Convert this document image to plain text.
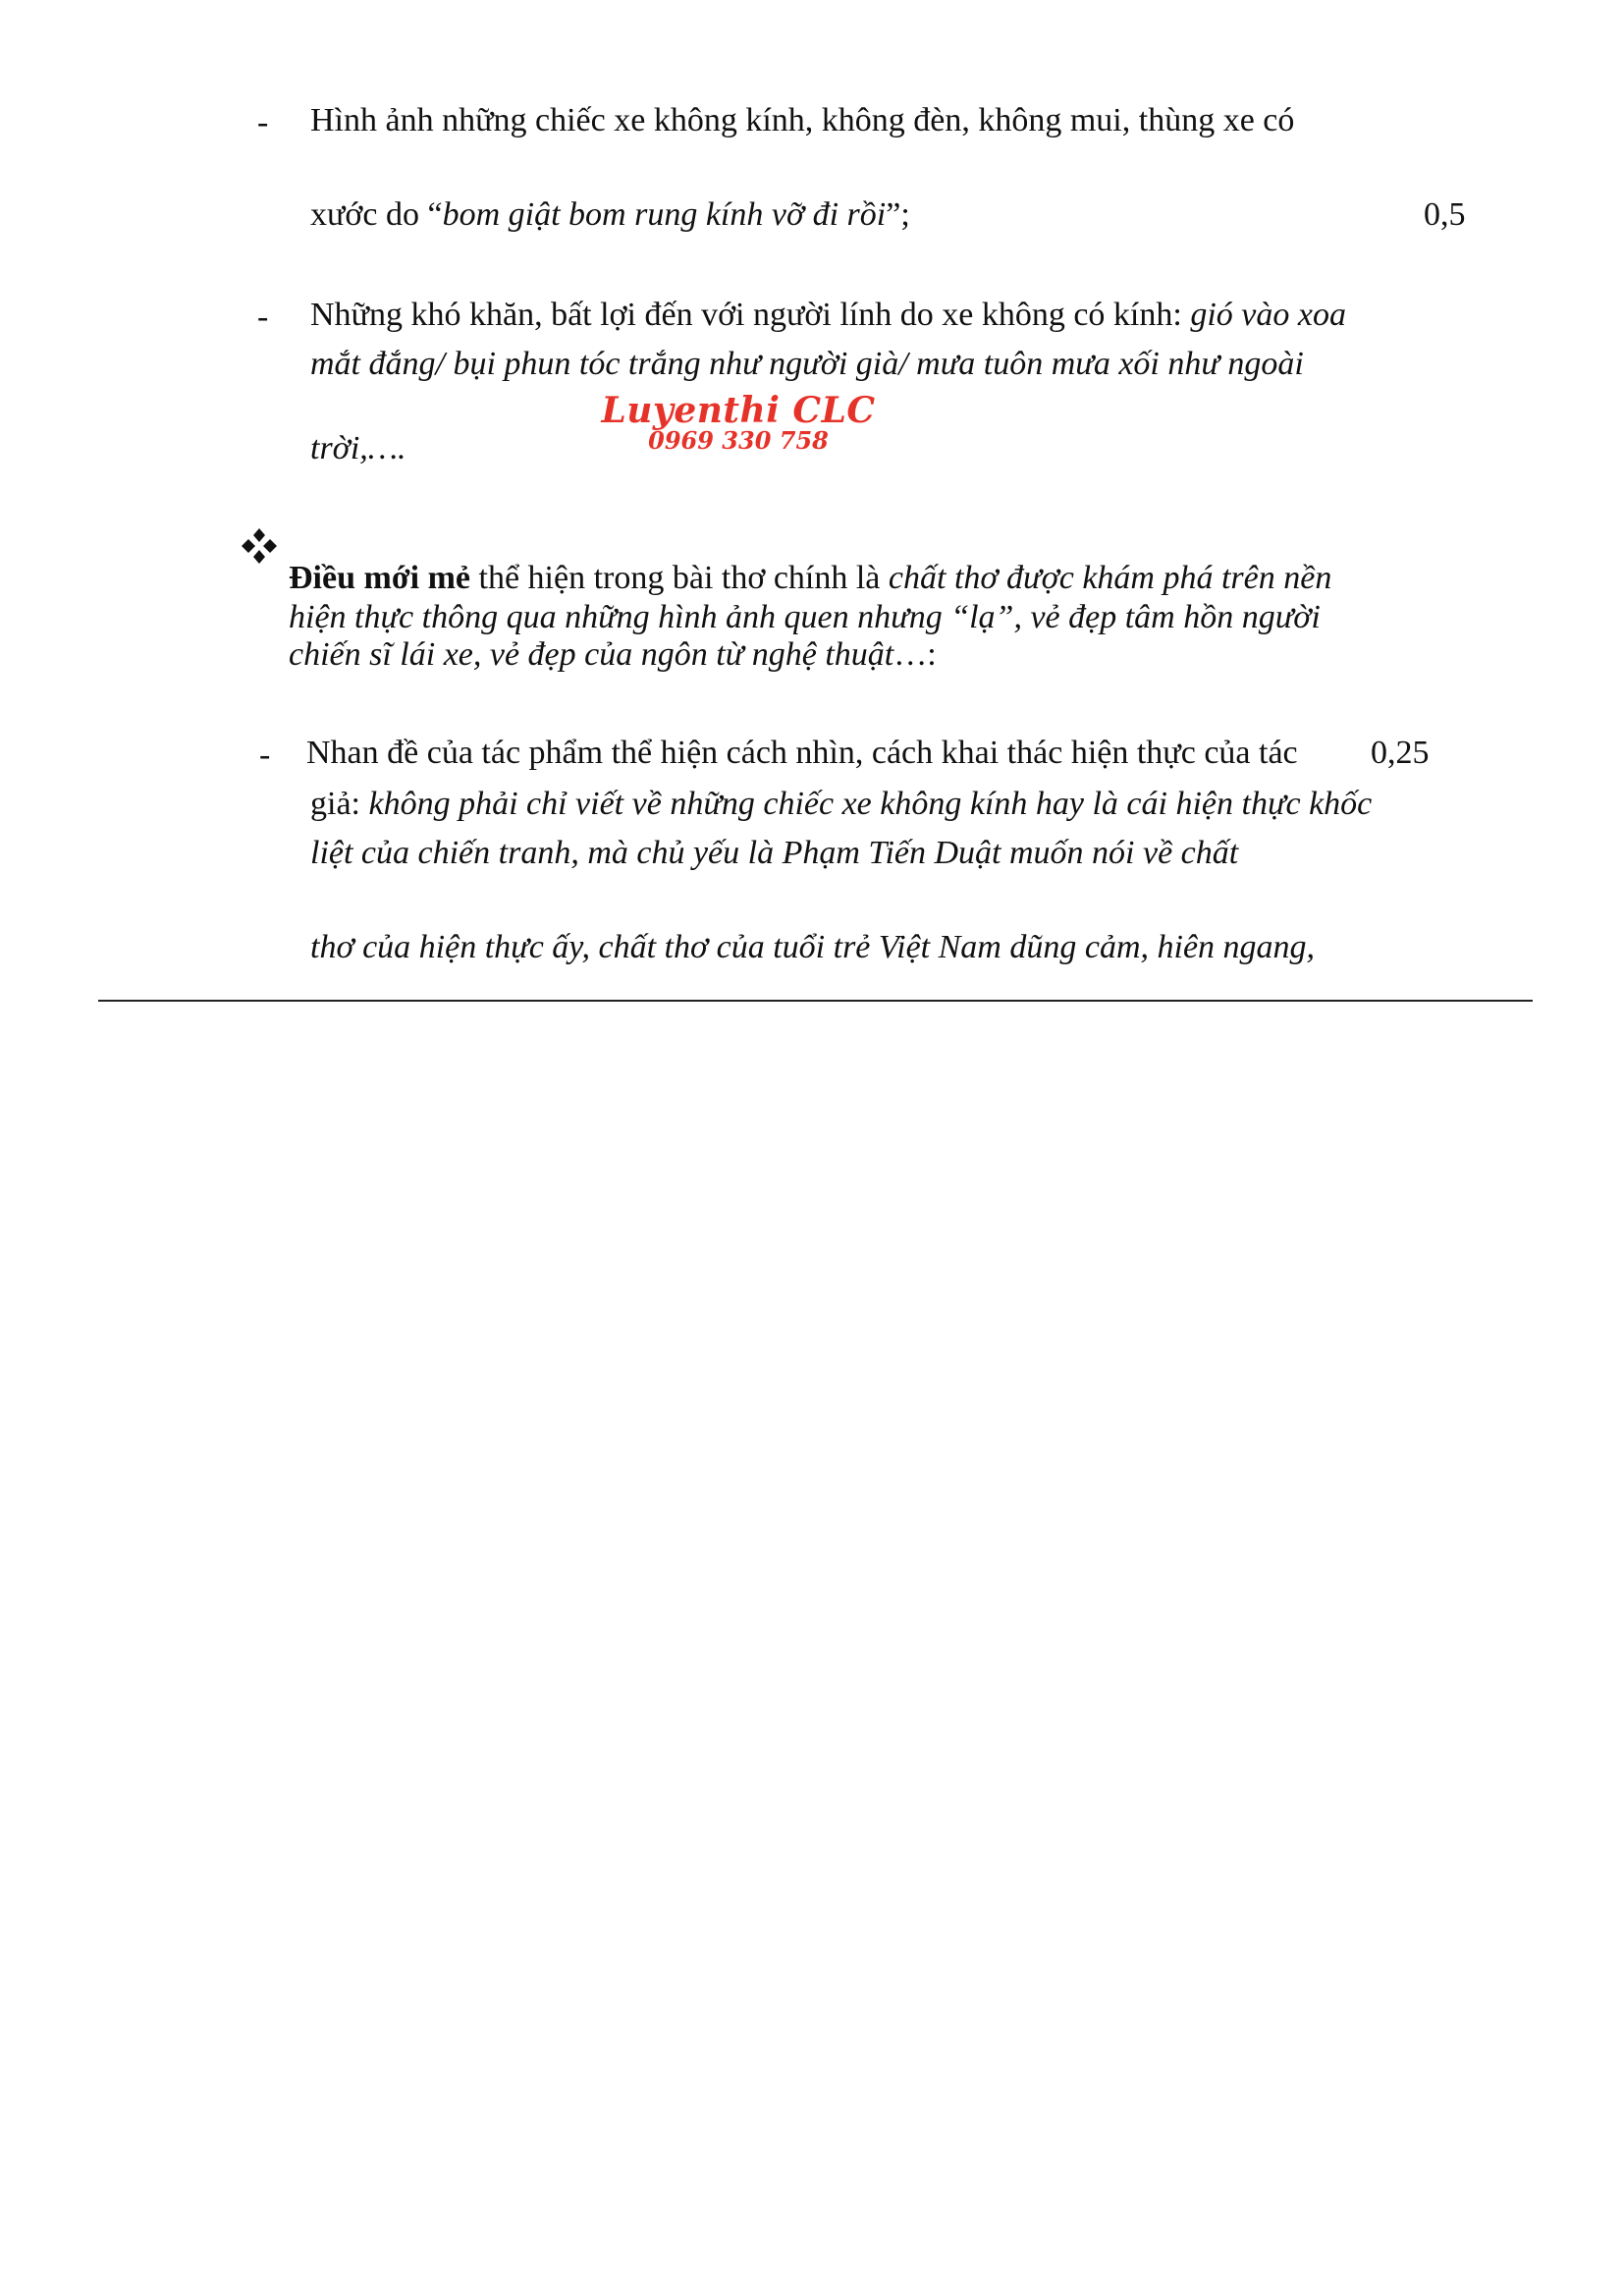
- Hình ảnh những chiếc xe không kính, không đèn, không mui, thùng xe có
xước do “bom giật bom rung kính vỡ đi rồi”;	0,5
- Những khó khăn, bất lợi đến với người lính do xe không có kính: gió vào xoa
mắt đắng/ bụi phun tóc trắng như người già/ mưa tuôn mưa xối như ngoài
trời,….
Luyenthi CLC
0969 330 758
Điều mới mẻ thể hiện trong bài thơ chính là chất thơ được khám phá trên nền
hiện thực thông qua những hình ảnh quen nhưng “lạ”, vẻ đẹp tâm hồn người
chiến sĩ lái xe, vẻ đẹp của ngôn từ nghệ thuật…:
- Nhan đề của tác phẩm thể hiện cách nhìn, cách khai thác hiện thực của tác 0,25
giả: không phải chỉ viết về những chiếc xe không kính hay là cái hiện thực khốc
liệt của chiến tranh, mà chủ yếu là Phạm Tiến Duật muốn nói về chất
thơ của hiện thực ấy, chất thơ của tuổi trẻ Việt Nam dũng cảm, hiên ngang,
